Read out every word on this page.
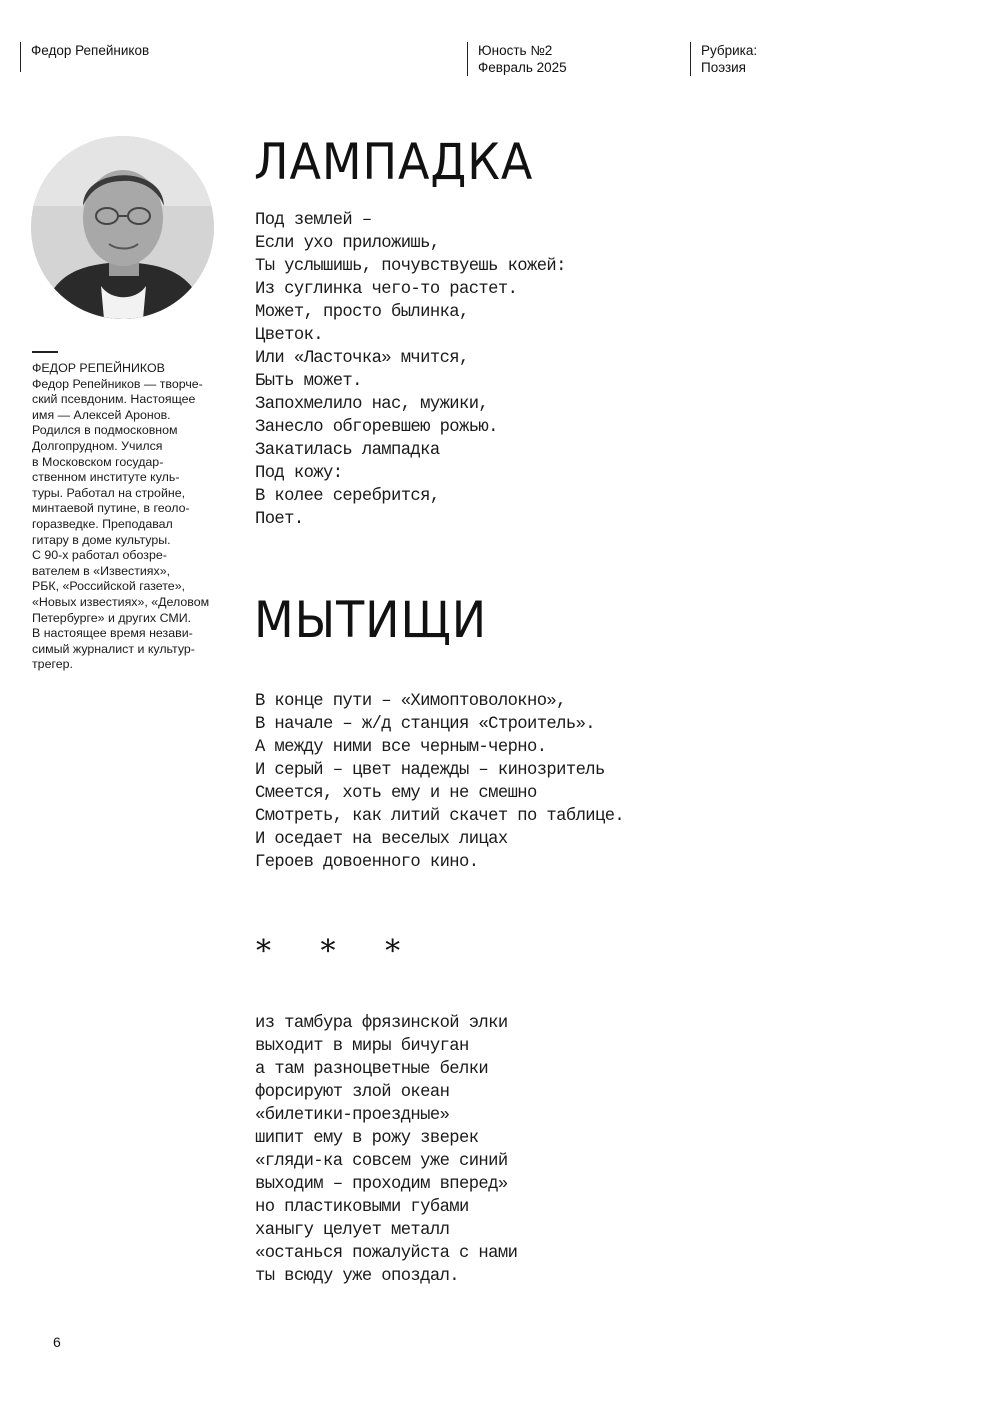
Федор Репейников	Юность №2
Февраль 2025
Рубрика:
Поэзия
ФЕДОР РЕПЕЙНИКОВ
Федор Репейников — творче-
ский псевдоним. Настоящее
имя — Алексей Аронов.
Родился в подмосковном
Долгопрудном. Учился
в Московском государ-
ственном институте куль-
туры. Работал на стройне,
минтаевой путине, в геоло-
горазведке. Преподавал
гитару в доме культуры.
С 90-х работал обозре-
вателем в «Известиях»,
РБК, «Российской газете»,
«Новых известиях», «Деловом
Петербурге» и других СМИ.
В настоящее время незави-
симый журналист и культур-
трегер.
ЛАМПАДКА
Под землей –
Если ухо приложишь,
Ты услышишь, почувствуешь кожей:
Из суглинка чего-то растет.
Может, просто былинка,
Цветок.
Или «Ласточка» мчится,
Быть может.
Запохмелило нас, мужики,
Занесло обгоревшею рожью.
Закатилась лампадка
Под кожу:
В колее серебрится,
Поет.
МЫТИЩИ
В конце пути – «Химоптоволокно»,
В начале – ж/д станция «Строитель».
А между ними все черным-черно.
И серый – цвет надежды – кинозритель
Смеется, хоть ему и не смешно
Смотреть, как литий скачет по таблице.
И оседает на веселых лицах
Героев довоенного кино.
* * *
из тамбура фрязинской элки
выходит в миры бичуган
а там разноцветные белки
форсируют злой океан
«билетики-проездные»
шипит ему в рожу зверек
«гляди-ка совсем уже синий
выходим – проходим вперед»
но пластиковыми губами
ханыгу целует металл
«останься пожалуйста с нами
ты всюду уже опоздал.
6
